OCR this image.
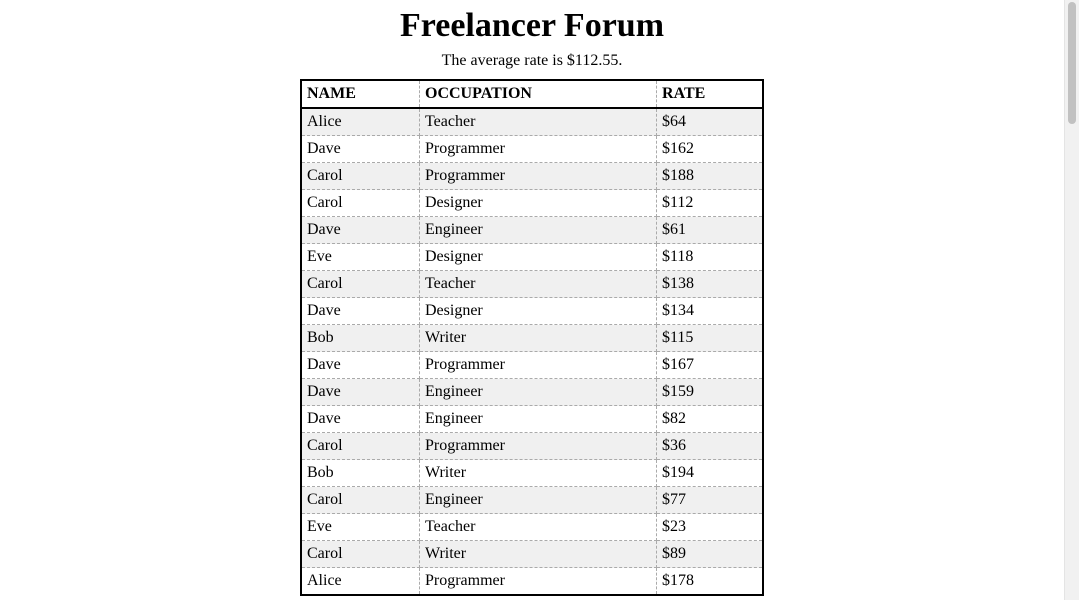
Freelancer Forum

The average rate is $112.55.

NAME	OCCUPATION	RATE
Alice	Teacher	$64
Dave	Programmer	$162
Carol	Programmer	$188
Carol	Designer	$112
Dave	Engineer	$61
Eve	Designer	$118
Carol	Teacher	$138
Dave	Designer	$134
Bob	Writer	$115
Dave	Programmer	$167
Dave	Engineer	$159
Dave	Engineer	$82
Carol	Programmer	$36
Bob	Writer	$194
Carol	Engineer	$77
Eve	Teacher	$23
Carol	Writer	$89
Alice	Programmer	$178
